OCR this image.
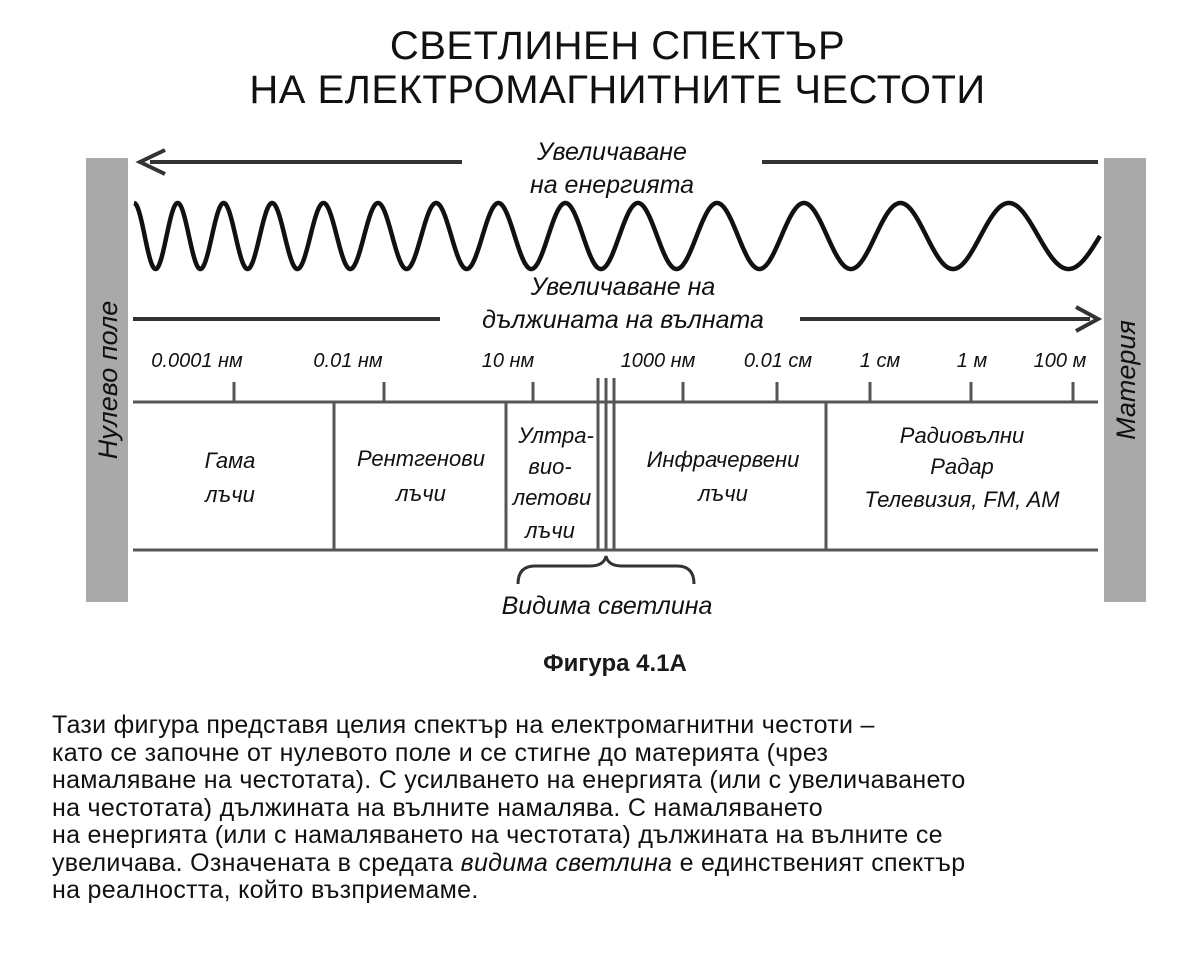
СВЕТЛИНЕН СПЕКТЪР
НА ЕЛЕКТРОМАГНИТНИТЕ ЧЕСТОТИ
Нулево поле	Материя
Увеличаване
на енергията
Увеличаване на
дължината на вълната
0.0001 нм	0.01 нм	10 нм	1000 нм 0.01 см 1 см	1 м 100 м
Гама
лъчи
Рентгенови
лъчи
Ултра-
вио-
летови
лъчи
Инфрачервени
лъчи
Радиовълни
Радар
Телевизия, FM, AM
Видима светлина
Фигура 4.1А

Тази фигура представя целия спектър на електромагнитни честоти –

като се започне от нулевото поле и се стигне до материята (чрез

намаляване на честотата). С усилването на енергията (или с увеличаването

на честотата) дължината на вълните намалява. С намаляването

на енергията (или с намаляването на честотата) дължината на вълните се

увеличава. Означената в средата видима светлина е единственият спектър

на реалността, който възприемаме.
